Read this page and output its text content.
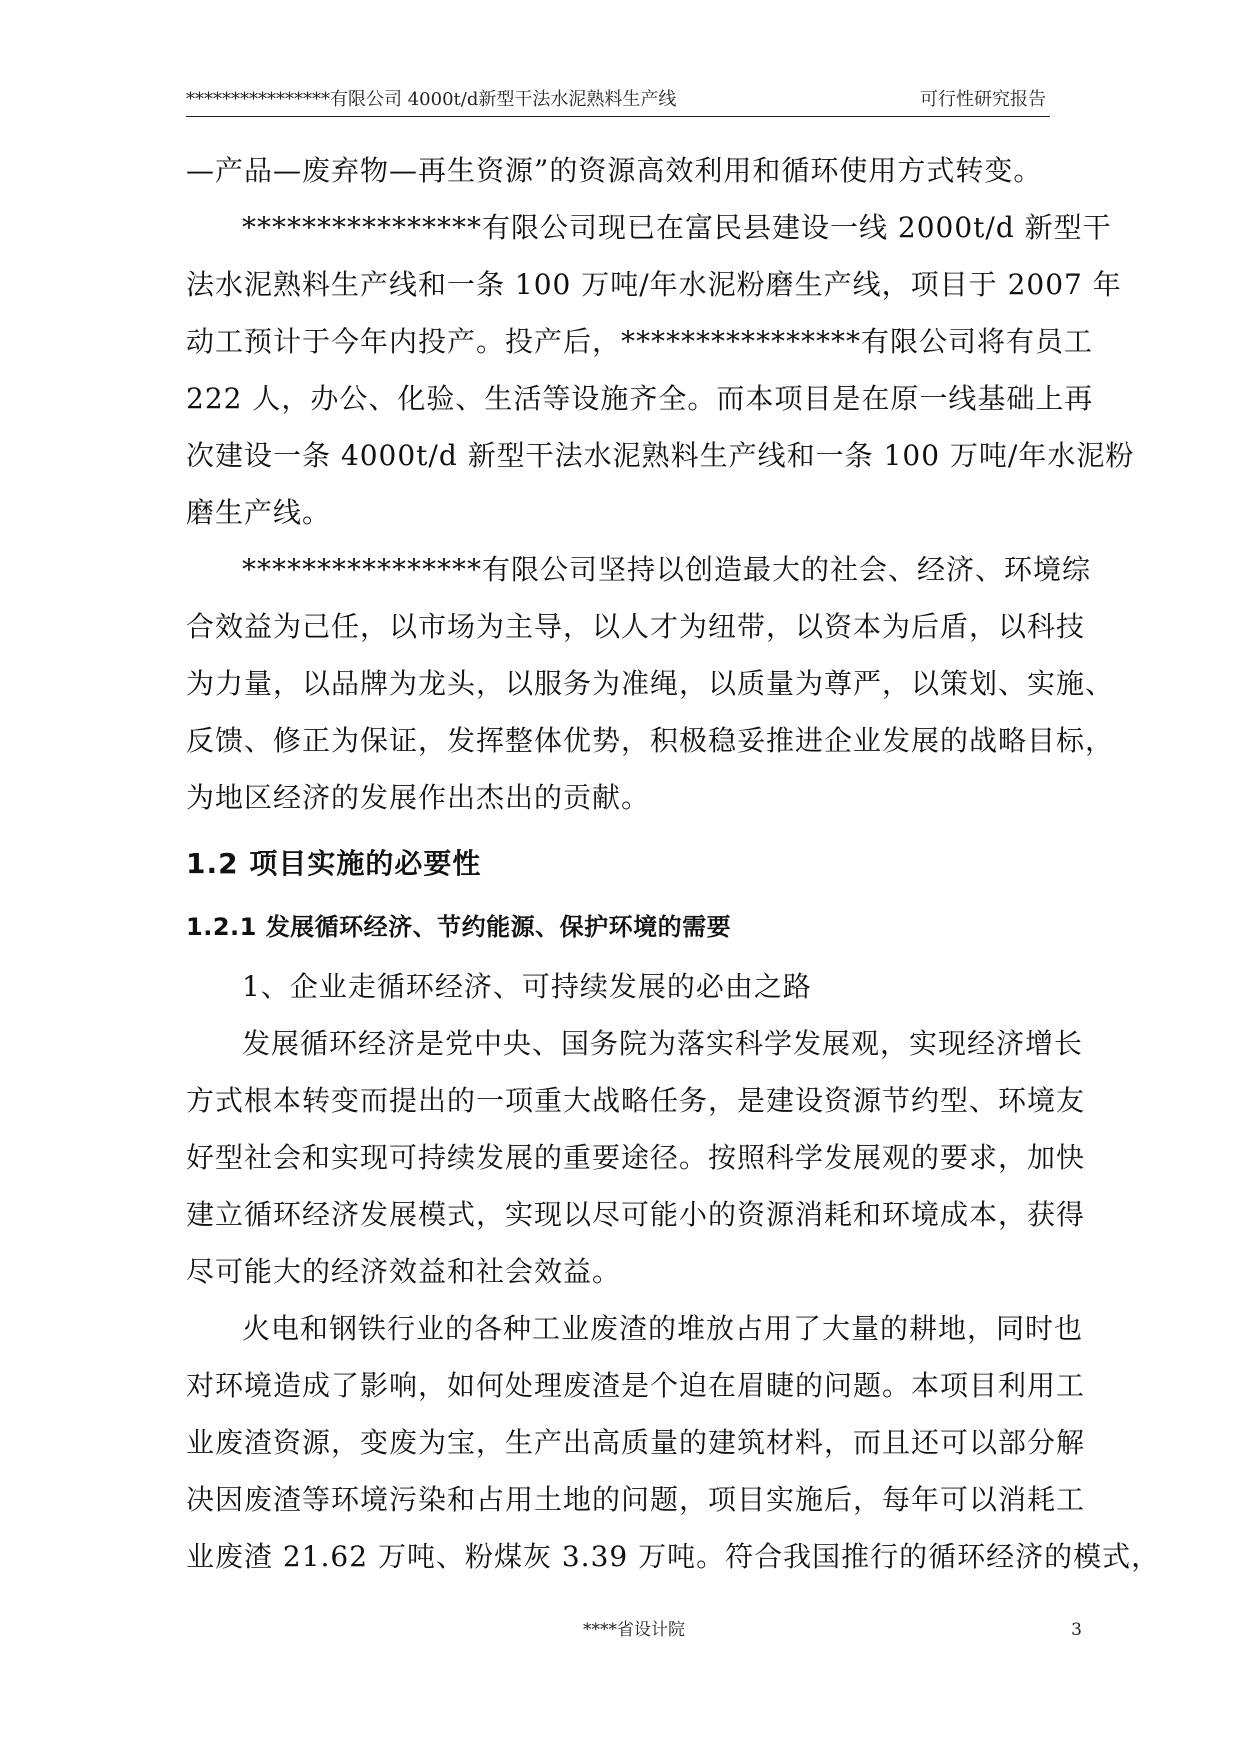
****************有限公司 4000t/d新型干法水泥熟料生产线	可行性研究报告

—产品—废弃物—再生资源”的资源高效利用和循环使用方式转变。

****************有限公司现已在富民县建设一线 2000t/d 新型干

法水泥熟料生产线和一条 100 万吨/年水泥粉磨生产线，项目于 2007 年

动工预计于今年内投产。投产后，****************有限公司将有员工

222 人，办公、化验、生活等设施齐全。而本项目是在原一线基础上再

次建设一条 4000t/d 新型干法水泥熟料生产线和一条 100 万吨/年水泥粉

磨生产线。

****************有限公司坚持以创造最大的社会、经济、环境综

合效益为己任，以市场为主导，以人才为纽带，以资本为后盾，以科技

为力量，以品牌为龙头，以服务为准绳，以质量为尊严，以策划、实施、

反馈、修正为保证，发挥整体优势，积极稳妥推进企业发展的战略目标，

为地区经济的发展作出杰出的贡献。

1.2 项目实施的必要性

1.2.1 发展循环经济、节约能源、保护环境的需要

1、企业走循环经济、可持续发展的必由之路

发展循环经济是党中央、国务院为落实科学发展观，实现经济增长

方式根本转变而提出的一项重大战略任务，是建设资源节约型、环境友

好型社会和实现可持续发展的重要途径。按照科学发展观的要求，加快

建立循环经济发展模式，实现以尽可能小的资源消耗和环境成本，获得

尽可能大的经济效益和社会效益。

火电和钢铁行业的各种工业废渣的堆放占用了大量的耕地，同时也

对环境造成了影响，如何处理废渣是个迫在眉睫的问题。本项目利用工

业废渣资源，变废为宝，生产出高质量的建筑材料，而且还可以部分解

决因废渣等环境污染和占用土地的问题，项目实施后，每年可以消耗工

业废渣 21.62 万吨、粉煤灰 3.39 万吨。符合我国推行的循环经济的模式，

****省设计院	3
